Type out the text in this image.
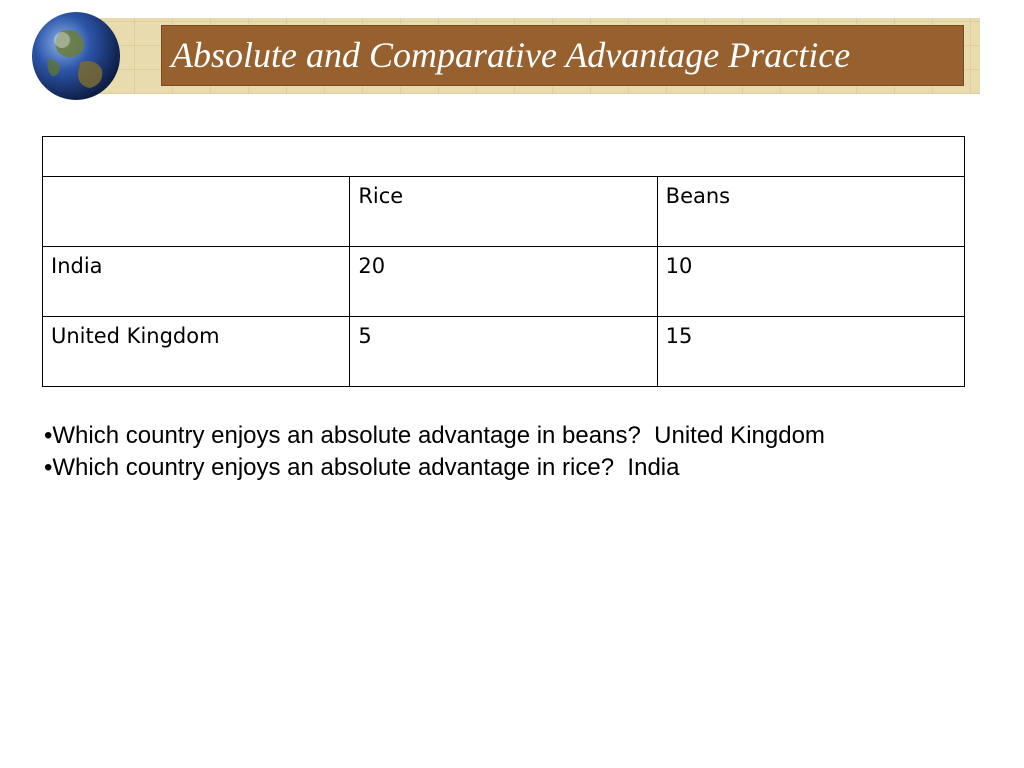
Absolute and Comparative Advantage Practice

	Rice	Beans
India	20	10
United Kingdom	5	15
•Which country enjoys an absolute advantage in beans? United Kingdom
•Which country enjoys an absolute advantage in rice? India
